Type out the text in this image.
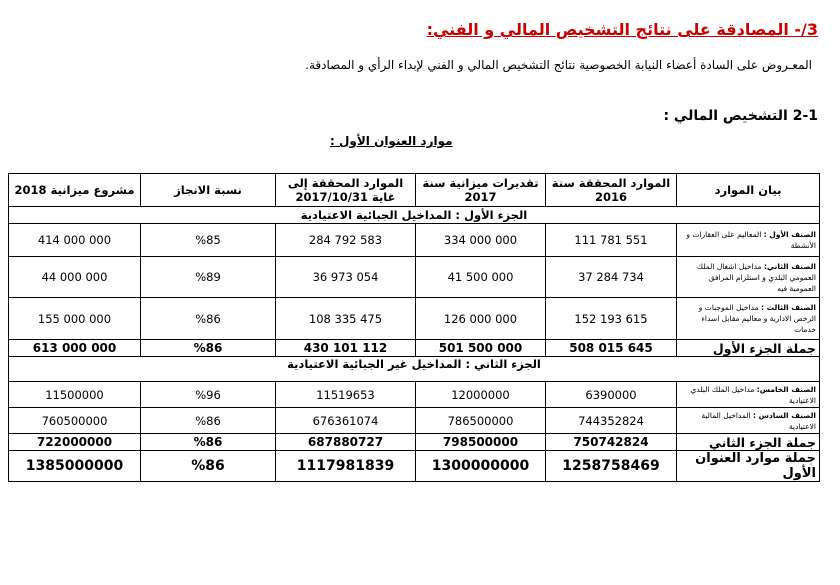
3/- المصادقة على نتائج التشخيص المالي و الفني:
المعـروض على السادة أعضاء النيابة الخصوصية نتائج التشخيص المالي و الفني لإبداء الرأي و المصادقة.
2-1 التشخيص المالي :
موارد العنوان الأول :
مشروع ميزانية 2018	نسبة الانجاز	الموارد المحققة إلى غاية 2017/10/31	تقديرات ميزانية سنة 2017	الموارد المحققة سنة 2016	بيان الموارد
الجزء الأول : المداخيل الجبائية الاعتيادية					
414 000 000	%85	284 792 583	334 000 000	111 781 551	الصنف الأول : المعاليم على العقارات و الأنشطة
44 000 000	%89	36 973 054	41 500 000	37 284 734	الصنف الثاني: مداخيل اشغال الملك العمومي البلدي و استلزام المرافق العمومية فيه
155 000 000	%86	108 335 475	126 000 000	152 193 615	الصنف الثالث : مداخيل الموجبات و الرخص الادارية و معاليم مقابل اسداء خدمات
613 000 000	%86	430 101 112	501 500 000	508 015 645	جملة الجزء الأول
الجزء الثاني : المداخيل غير الجبائية الاعتيادية					
11500000	%96	11519653	12000000	6390000	الصنف الخامس: مداخيل الملك البلدي الاعتيادية
760500000	%86	676361074	786500000	744352824	الصنف السادس : المداخيل المالية الاعتيادية
722000000	%86	687880727	798500000	750742824	جملة الجزء الثاني
1385000000	%86	1117981839	1300000000	1258758469	جملة موارد العنوان الأول
